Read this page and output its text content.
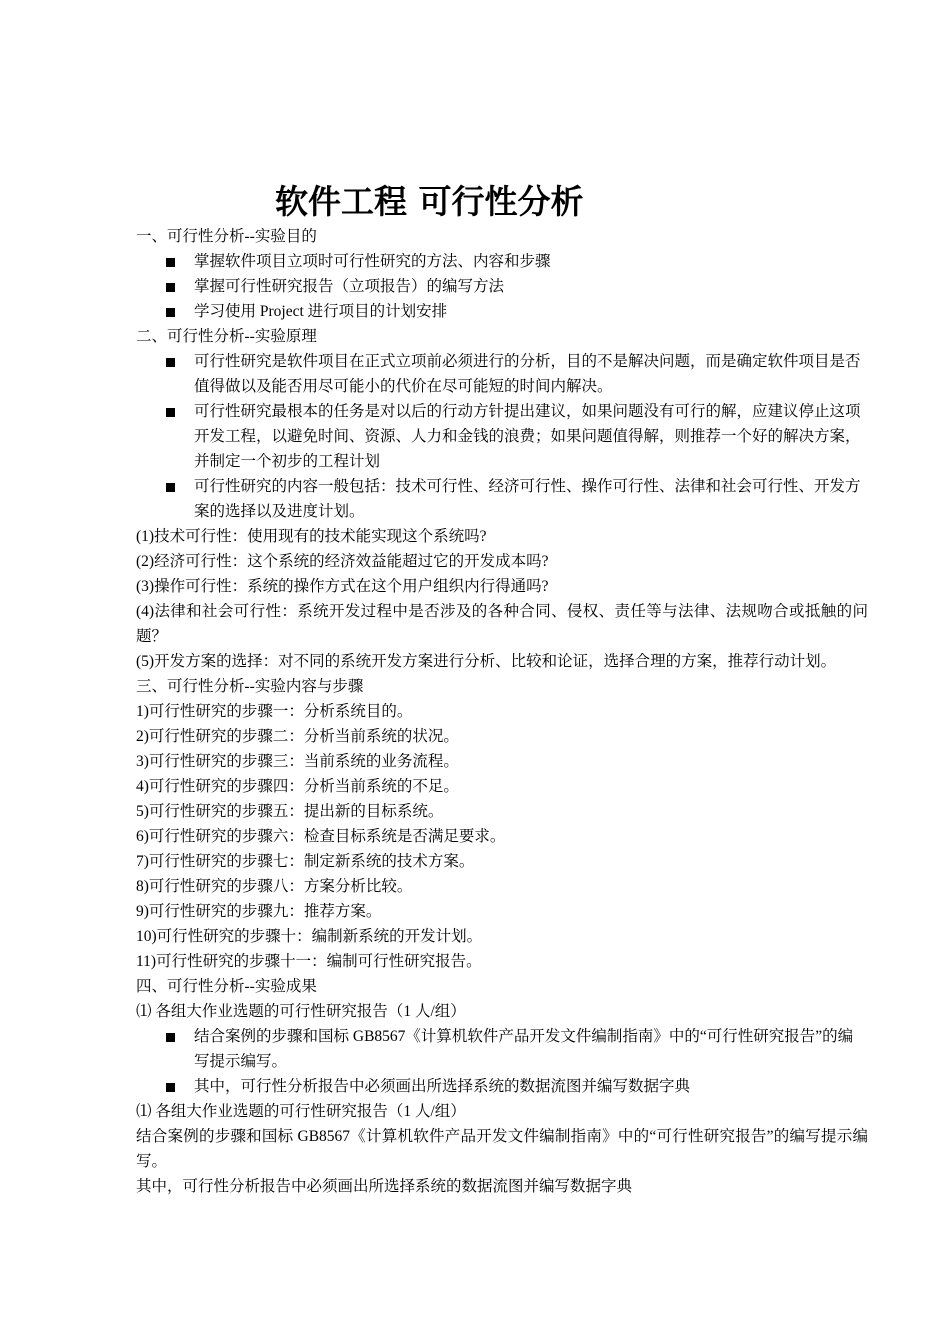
软件工程 可行性分析

一、可行性分析--实验目的

掌握软件项目立项时可行性研究的方法、内容和步骤

掌握可行性研究报告（立项报告）的编写方法

学习使用 Project 进行项目的计划安排

二、可行性分析--实验原理

可行性研究是软件项目在正式立项前必须进行的分析，目的不是解决问题，而是确定软件项目是否值得做以及能否用尽可能小的代价在尽可能短的时间内解决。

可行性研究最根本的任务是对以后的行动方针提出建议，如果问题没有可行的解，应建议停止这项开发工程，以避免时间、资源、人力和金钱的浪费；如果问题值得解，则推荐一个好的解决方案，并制定一个初步的工程计划

可行性研究的内容一般包括：技术可行性、经济可行性、操作可行性、法律和社会可行性、开发方案的选择以及进度计划。

(1)技术可行性：使用现有的技术能实现这个系统吗?

(2)经济可行性：这个系统的经济效益能超过它的开发成本吗?

(3)操作可行性：系统的操作方式在这个用户组织内行得通吗?

(4)法律和社会可行性：系统开发过程中是否涉及的各种合同、侵权、责任等与法律、法规吻合或抵触的问题？

(5)开发方案的选择：对不同的系统开发方案进行分析、比较和论证，选择合理的方案，推荐行动计划。

三、可行性分析--实验内容与步骤

1)可行性研究的步骤一：分析系统目的。

2)可行性研究的步骤二：分析当前系统的状况。

3)可行性研究的步骤三：当前系统的业务流程。

4)可行性研究的步骤四：分析当前系统的不足。

5)可行性研究的步骤五：提出新的目标系统。

6)可行性研究的步骤六：检查目标系统是否满足要求。

7)可行性研究的步骤七：制定新系统的技术方案。

8)可行性研究的步骤八：方案分析比较。

9)可行性研究的步骤九：推荐方案。

10)可行性研究的步骤十：编制新系统的开发计划。

11)可行性研究的步骤十一：编制可行性研究报告。

四、可行性分析--实验成果

⑴ 各组大作业选题的可行性研究报告（1 人/组）

结合案例的步骤和国标 GB8567《计算机软件产品开发文件编制指南》中的“可行性研究报告”的编写提示编写。

其中，可行性分析报告中必须画出所选择系统的数据流图并编写数据字典

⑴ 各组大作业选题的可行性研究报告（1 人/组）

结合案例的步骤和国标 GB8567《计算机软件产品开发文件编制指南》中的“可行性研究报告”的编写提示编写。

其中，可行性分析报告中必须画出所选择系统的数据流图并编写数据字典
